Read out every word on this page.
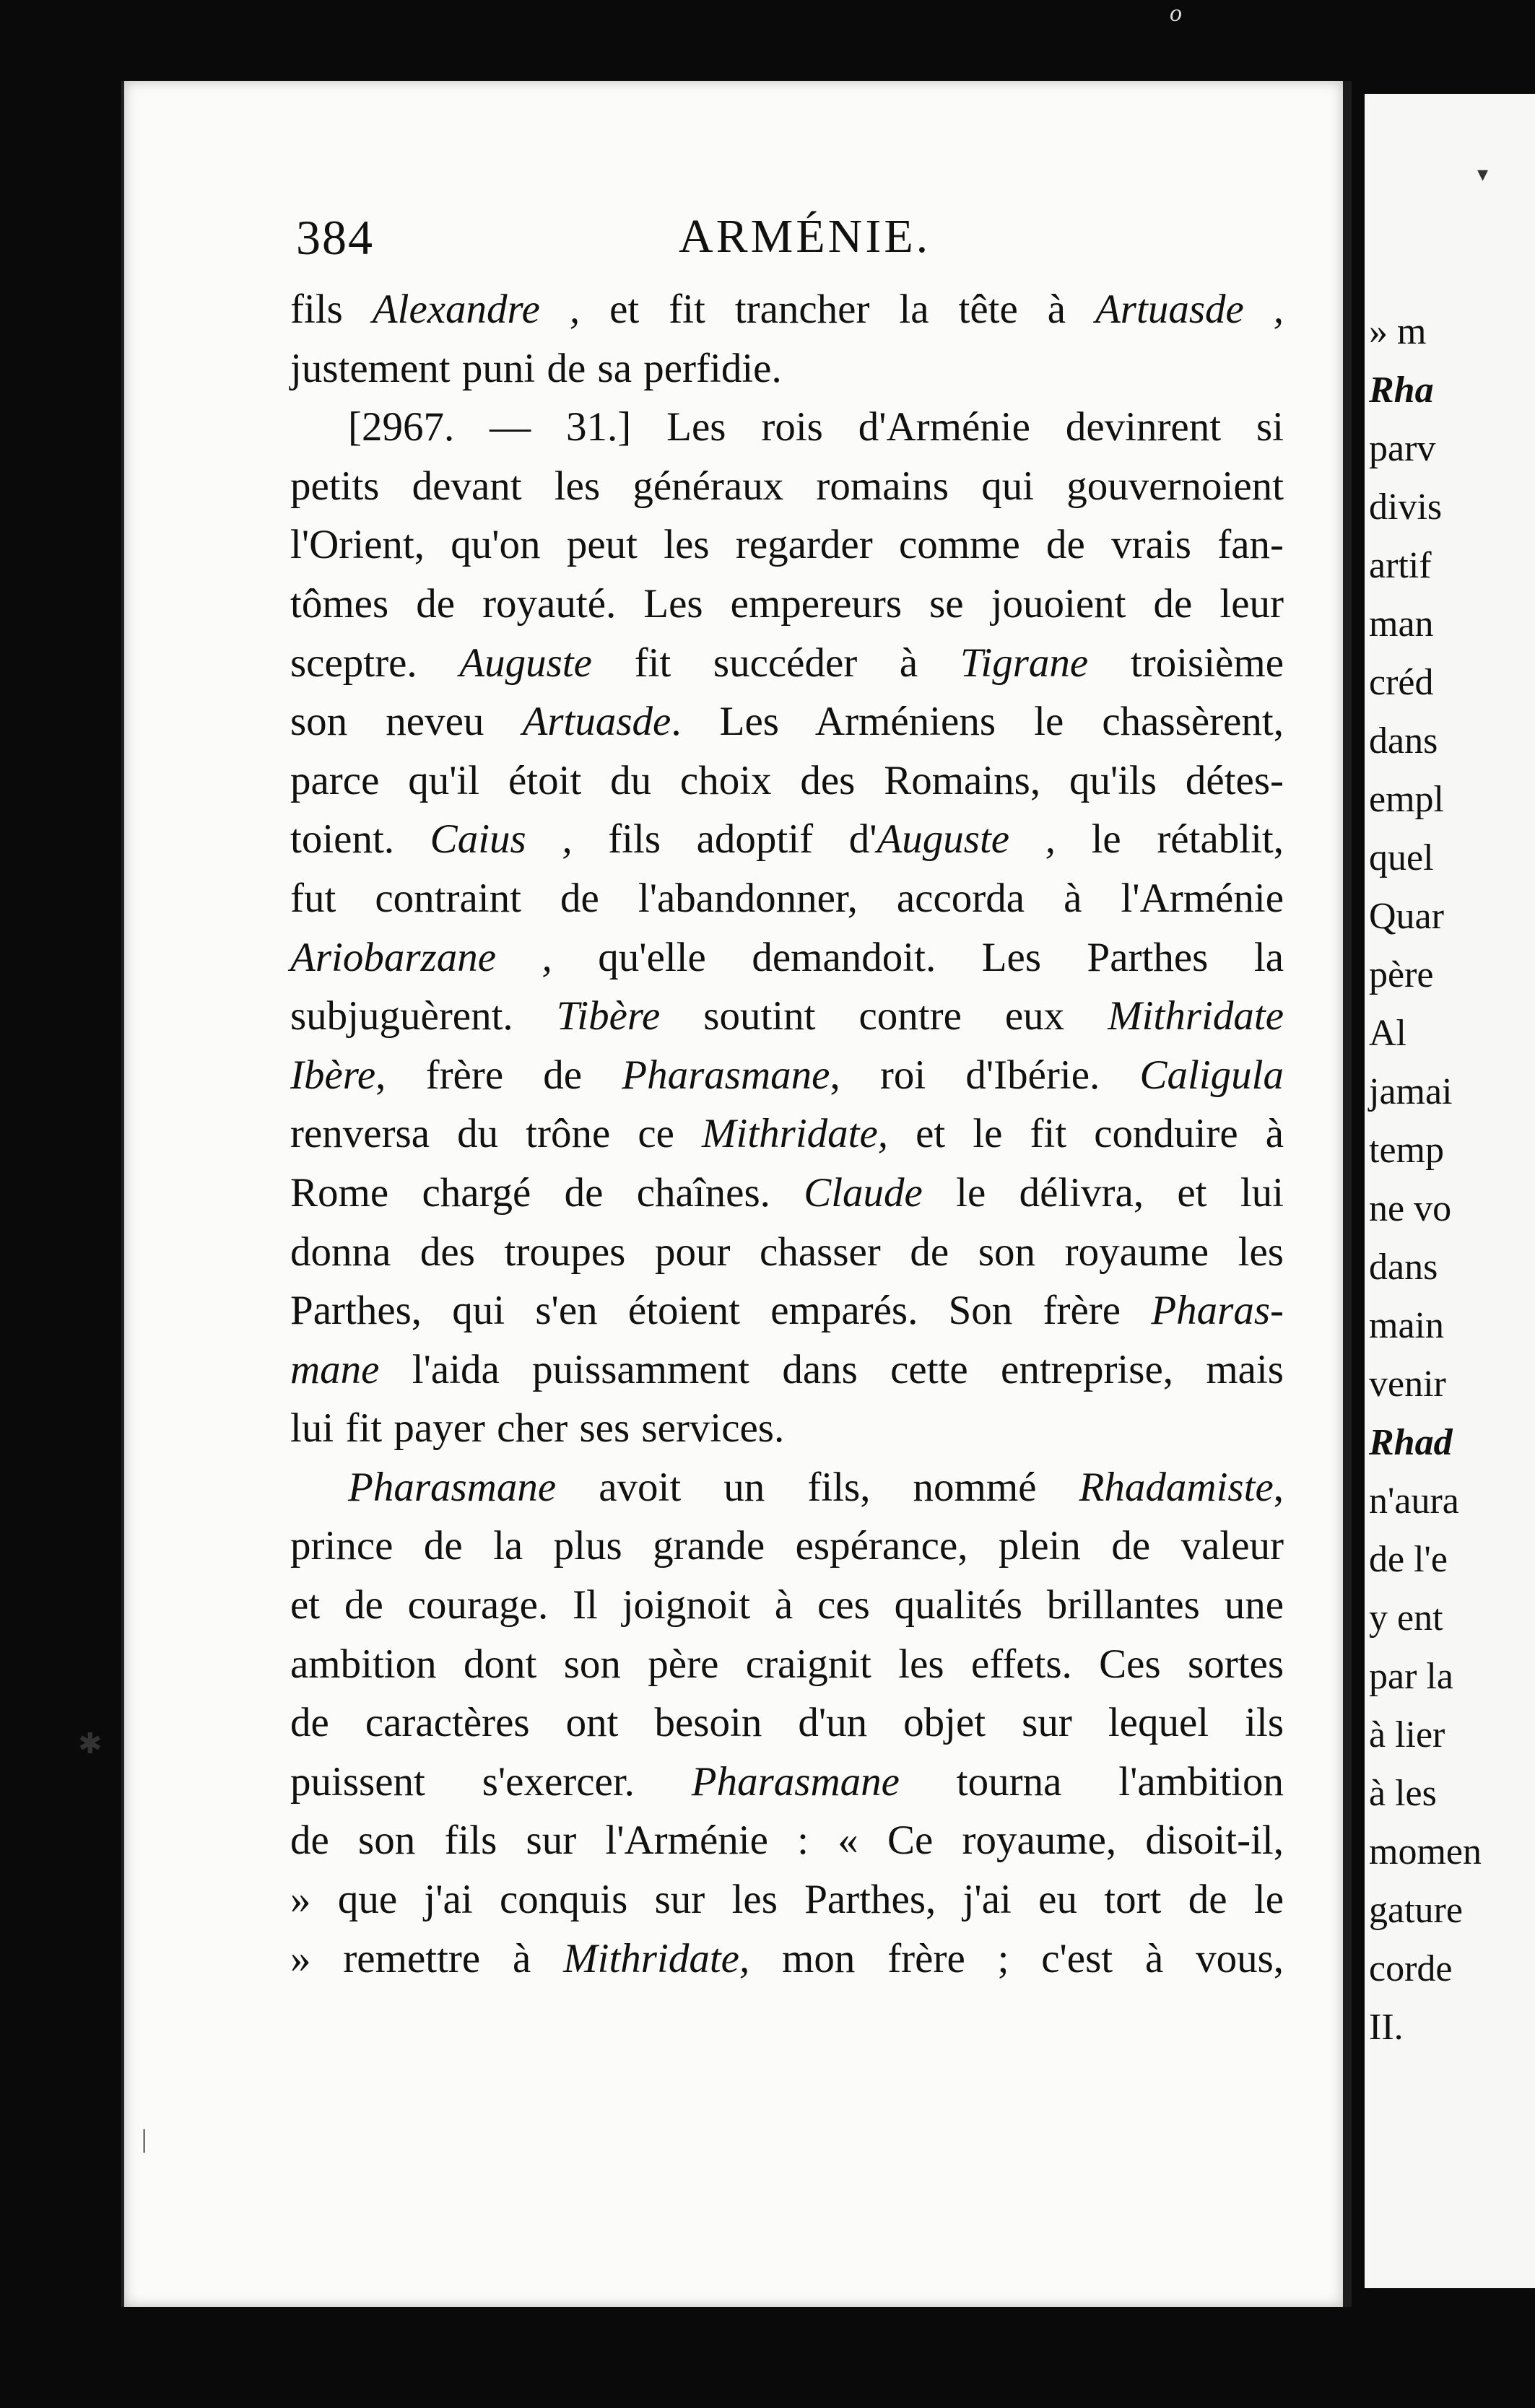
o
384	ARMÉNIE.
fils Alexandre , et fit trancher la tête à Artuasde ,
justement puni de sa perfidie.
[2967. — 31.] Les rois d'Arménie devinrent si
petits devant les généraux romains qui gouvernoient
l'Orient, qu'on peut les regarder comme de vrais fan-
tômes de royauté. Les empereurs se jouoient de leur
sceptre. Auguste fit succéder à Tigrane troisième
son neveu Artuasde. Les Arméniens le chassèrent,
parce qu'il étoit du choix des Romains, qu'ils détes-
toient. Caius , fils adoptif d'Auguste , le rétablit,
fut contraint de l'abandonner, accorda à l'Arménie
Ariobarzane , qu'elle demandoit. Les Parthes la
subjuguèrent. Tibère soutint contre eux Mithridate
Ibère, frère de Pharasmane, roi d'Ibérie. Caligula
renversa du trône ce Mithridate, et le fit conduire à
Rome chargé de chaînes. Claude le délivra, et lui
donna des troupes pour chasser de son royaume les
Parthes, qui s'en étoient emparés. Son frère Pharas-
mane l'aida puissamment dans cette entreprise, mais
lui fit payer cher ses services.
Pharasmane avoit un fils, nommé Rhadamiste,
prince de la plus grande espérance, plein de valeur
et de courage. Il joignoit à ces qualités brillantes une
ambition dont son père craignit les effets. Ces sortes
de caractères ont besoin d'un objet sur lequel ils
puissent s'exercer. Pharasmane tourna l'ambition
de son fils sur l'Arménie : « Ce royaume, disoit-il,
» que j'ai conquis sur les Parthes, j'ai eu tort de le
» remettre à Mithridate, mon frère ; c'est à vous,
» m
Rha
parv
divis
artif
man
créd
dans
empl
quel
Quar
père
Al
jamai
temp
ne vo
dans
main
venir
Rhad
n'aura
de l'e
y ent
par la
à lier
à les
momen
gature
corde
II.
✱
|
▾
